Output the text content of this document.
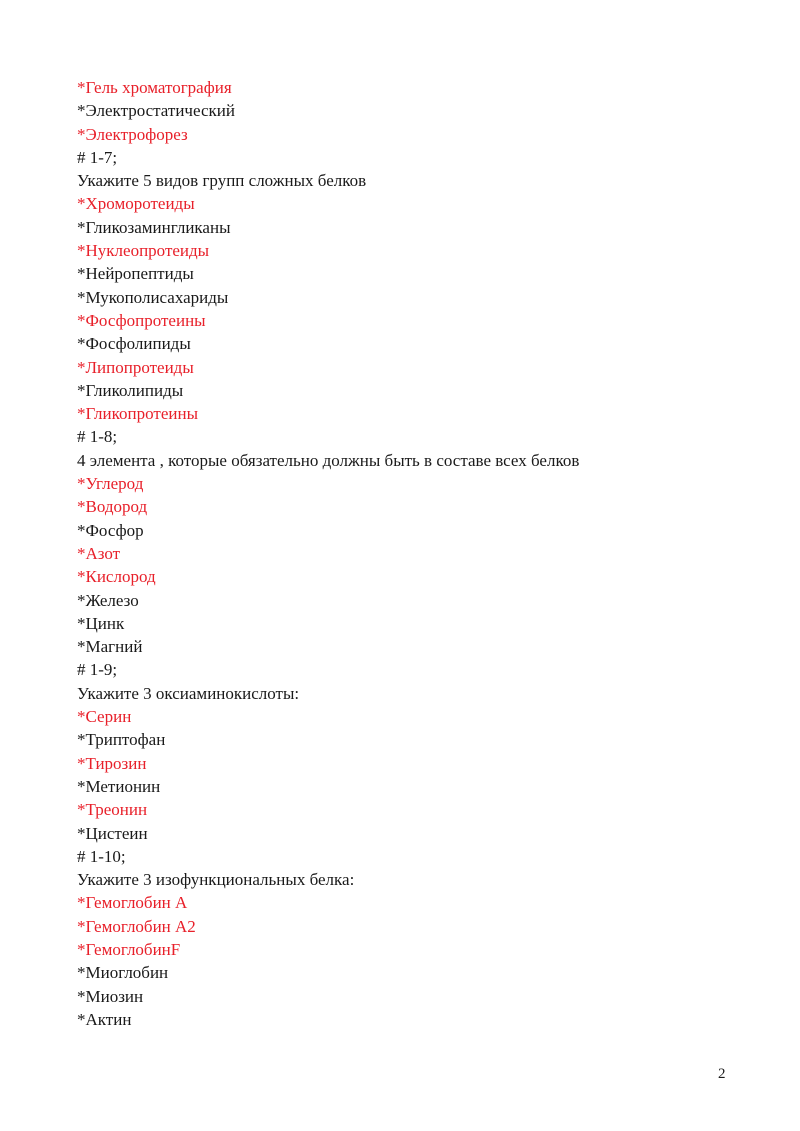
*Гель хроматография
*Электростатический
*Электрофорез
# 1-7;
Укажите 5 видов групп сложных белков
*Хроморотеиды
*Гликозамингликаны
*Нуклеопротеиды
*Нейропептиды
*Мукополисахариды
*Фосфопротеины
*Фосфолипиды
*Липопротеиды
*Гликолипиды
*Гликопротеины
# 1-8;
4 элемента , которые обязательно должны быть в составе всех белков
*Углерод
*Водород
*Фосфор
*Азот
*Кислород
*Железо
*Цинк
*Магний
# 1-9;
Укажите 3 оксиаминокислоты:
*Серин
*Триптофан
*Тирозин
*Метионин
*Треонин
*Цистеин
# 1-10;
Укажите 3 изофункциональных белка:
*Гемоглобин А
*Гемоглобин А2
*ГемоглобинF
*Миоглобин
*Миозин
*Актин
2
